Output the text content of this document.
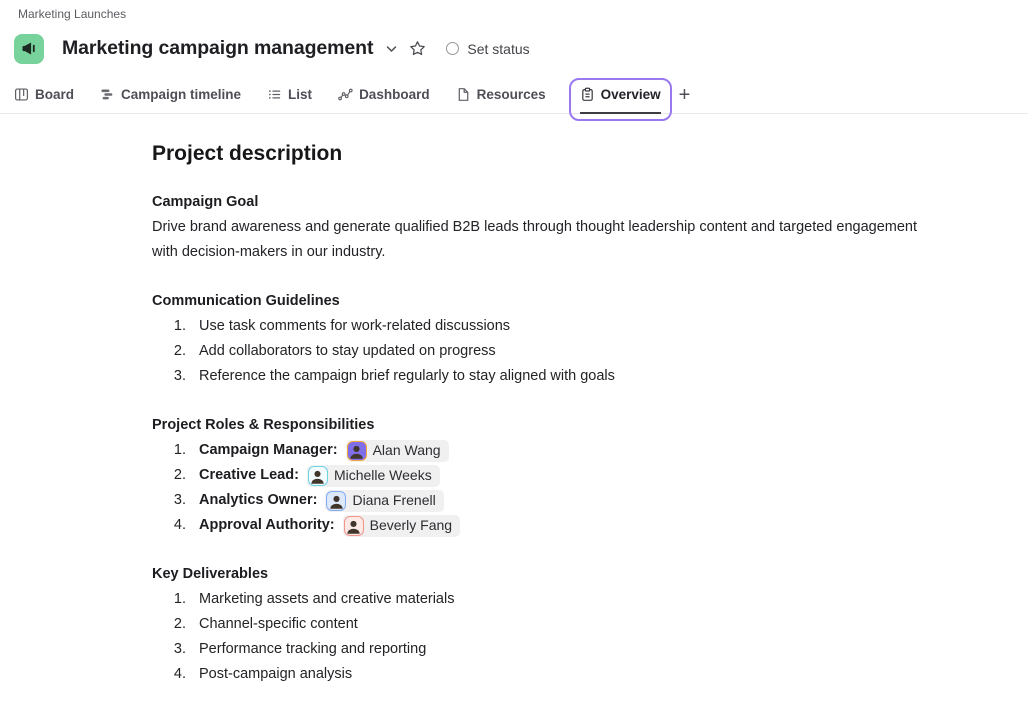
Marketing Launches
Marketing campaign management	Set status
Board	Campaign timeline	List	Dashboard	Resources	Overview +
Project description
Campaign Goal

Drive brand awareness and generate qualified B2B leads through thought leadership content and targeted engagement with decision-makers in our industry.

Communication Guidelines
1. Use task comments for work-related discussions
2. Add collaborators to stay updated on progress
3. Reference the campaign brief regularly to stay aligned with goals
Project Roles & Responsibilities
1. Campaign Manager:	Alan Wang
2. Creative Lead:	Michelle Weeks
3. Analytics Owner:	Diana Frenell
4. Approval Authority:	Beverly Fang
Key Deliverables
1. Marketing assets and creative materials
2. Channel-specific content
3. Performance tracking and reporting
4. Post-campaign analysis
